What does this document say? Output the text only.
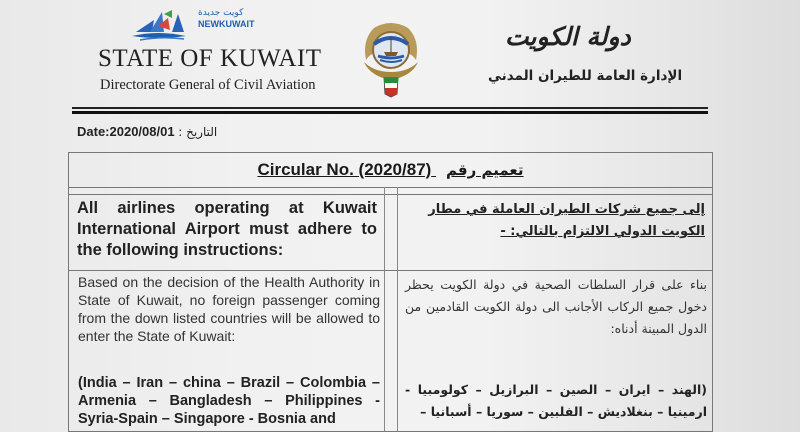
كويت جديدة
NEWKUWAIT
STATE OF KUWAIT
Directorate General of Civil Aviation
دولة الكويت
الإدارة العامة للطيران المدني
Date:2020/08/01 : التاريخ
Circular No. (2020/87) تعميم رقم
All airlines operating at Kuwait International Airport must adhere to the following instructions:
إلى جميع شركات الطيران العاملة في مطار الكويت الدولي الالتزام بالتالي: -
Based on the decision of the Health Authority in State of Kuwait, no foreign passenger coming from the down listed countries will be allowed to enter the State of Kuwait:
(India – Iran – china – Brazil – Colombia – Armenia – Bangladesh – Philippines - Syria-Spain – Singapore - Bosnia and
بناء على قرار السلطات الصحية في دولة الكويت يحظر دخول جميع الركاب الأجانب الى دولة الكويت القادمين من الدول المبينة أدناه:
(الهند – ايران – الصين – البرازيل – كولومبيا - ارمينيا – بنغلاديش – الفلبين – سوريا – أسبانيا –
